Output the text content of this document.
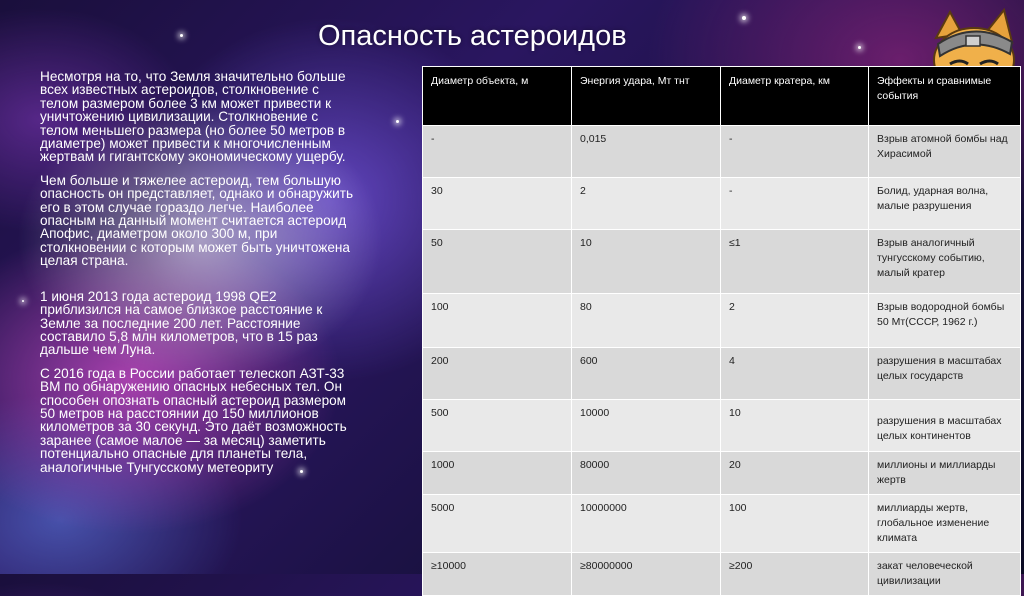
Опасность астероидов

Несмотря на то, что Земля значительно больше всех известных астероидов, столкновение с телом размером более 3 км может привести к уничтожению цивилизации. Столкновение с телом меньшего размера (но более 50 метров в диаметре) может привести к многочисленным жертвам и гигантскому экономическому ущербу.

Чем больше и тяжелее астероид, тем большую опасность он представляет, однако и обнаружить его в этом случае гораздо легче. Наиболее опасным на данный момент считается астероид Апофис, диаметром около 300 м, при столкновении с которым может быть уничтожена целая страна.

1 июня 2013 года астероид 1998 QE2 приблизился на самое близкое расстояние к Земле за последние 200 лет. Расстояние составило 5,8 млн километров, что в 15 раз дальше чем Луна.

С 2016 года в России работает телескоп АЗТ-33 ВМ по обнаружению опасных небесных тел. Он способен опознать опасный астероид размером 50 метров на расстоянии до 150 миллионов километров за 30 секунд. Это даёт возможность заранее (самое малое — за месяц) заметить потенциально опасные для планеты тела, аналогичные Тунгусскому метеориту

Диаметр объекта, м	Энергия удара, Мт тнт	Диаметр кратера, км	Эффекты и сравнимые события
-	0,015	-	Взрыв атомной бомбы над Хирасимой
30	2	-	Болид, ударная волна, малые разрушения
50	10	≤1	Взрыв аналогичный тунгусскому событию, малый кратер
100	80	2	Взрыв водородной бомбы 50 Мт(СССР, 1962 г.)
200	600	4	разрушения в масштабах целых государств
500	10000	10	разрушения в масштабах целых континентов
1000	80000	20	миллионы и миллиарды жертв
5000	10000000	100	миллиарды жертв, глобальное изменение климата
≥10000	≥80000000	≥200	закат человеческой цивилизации
